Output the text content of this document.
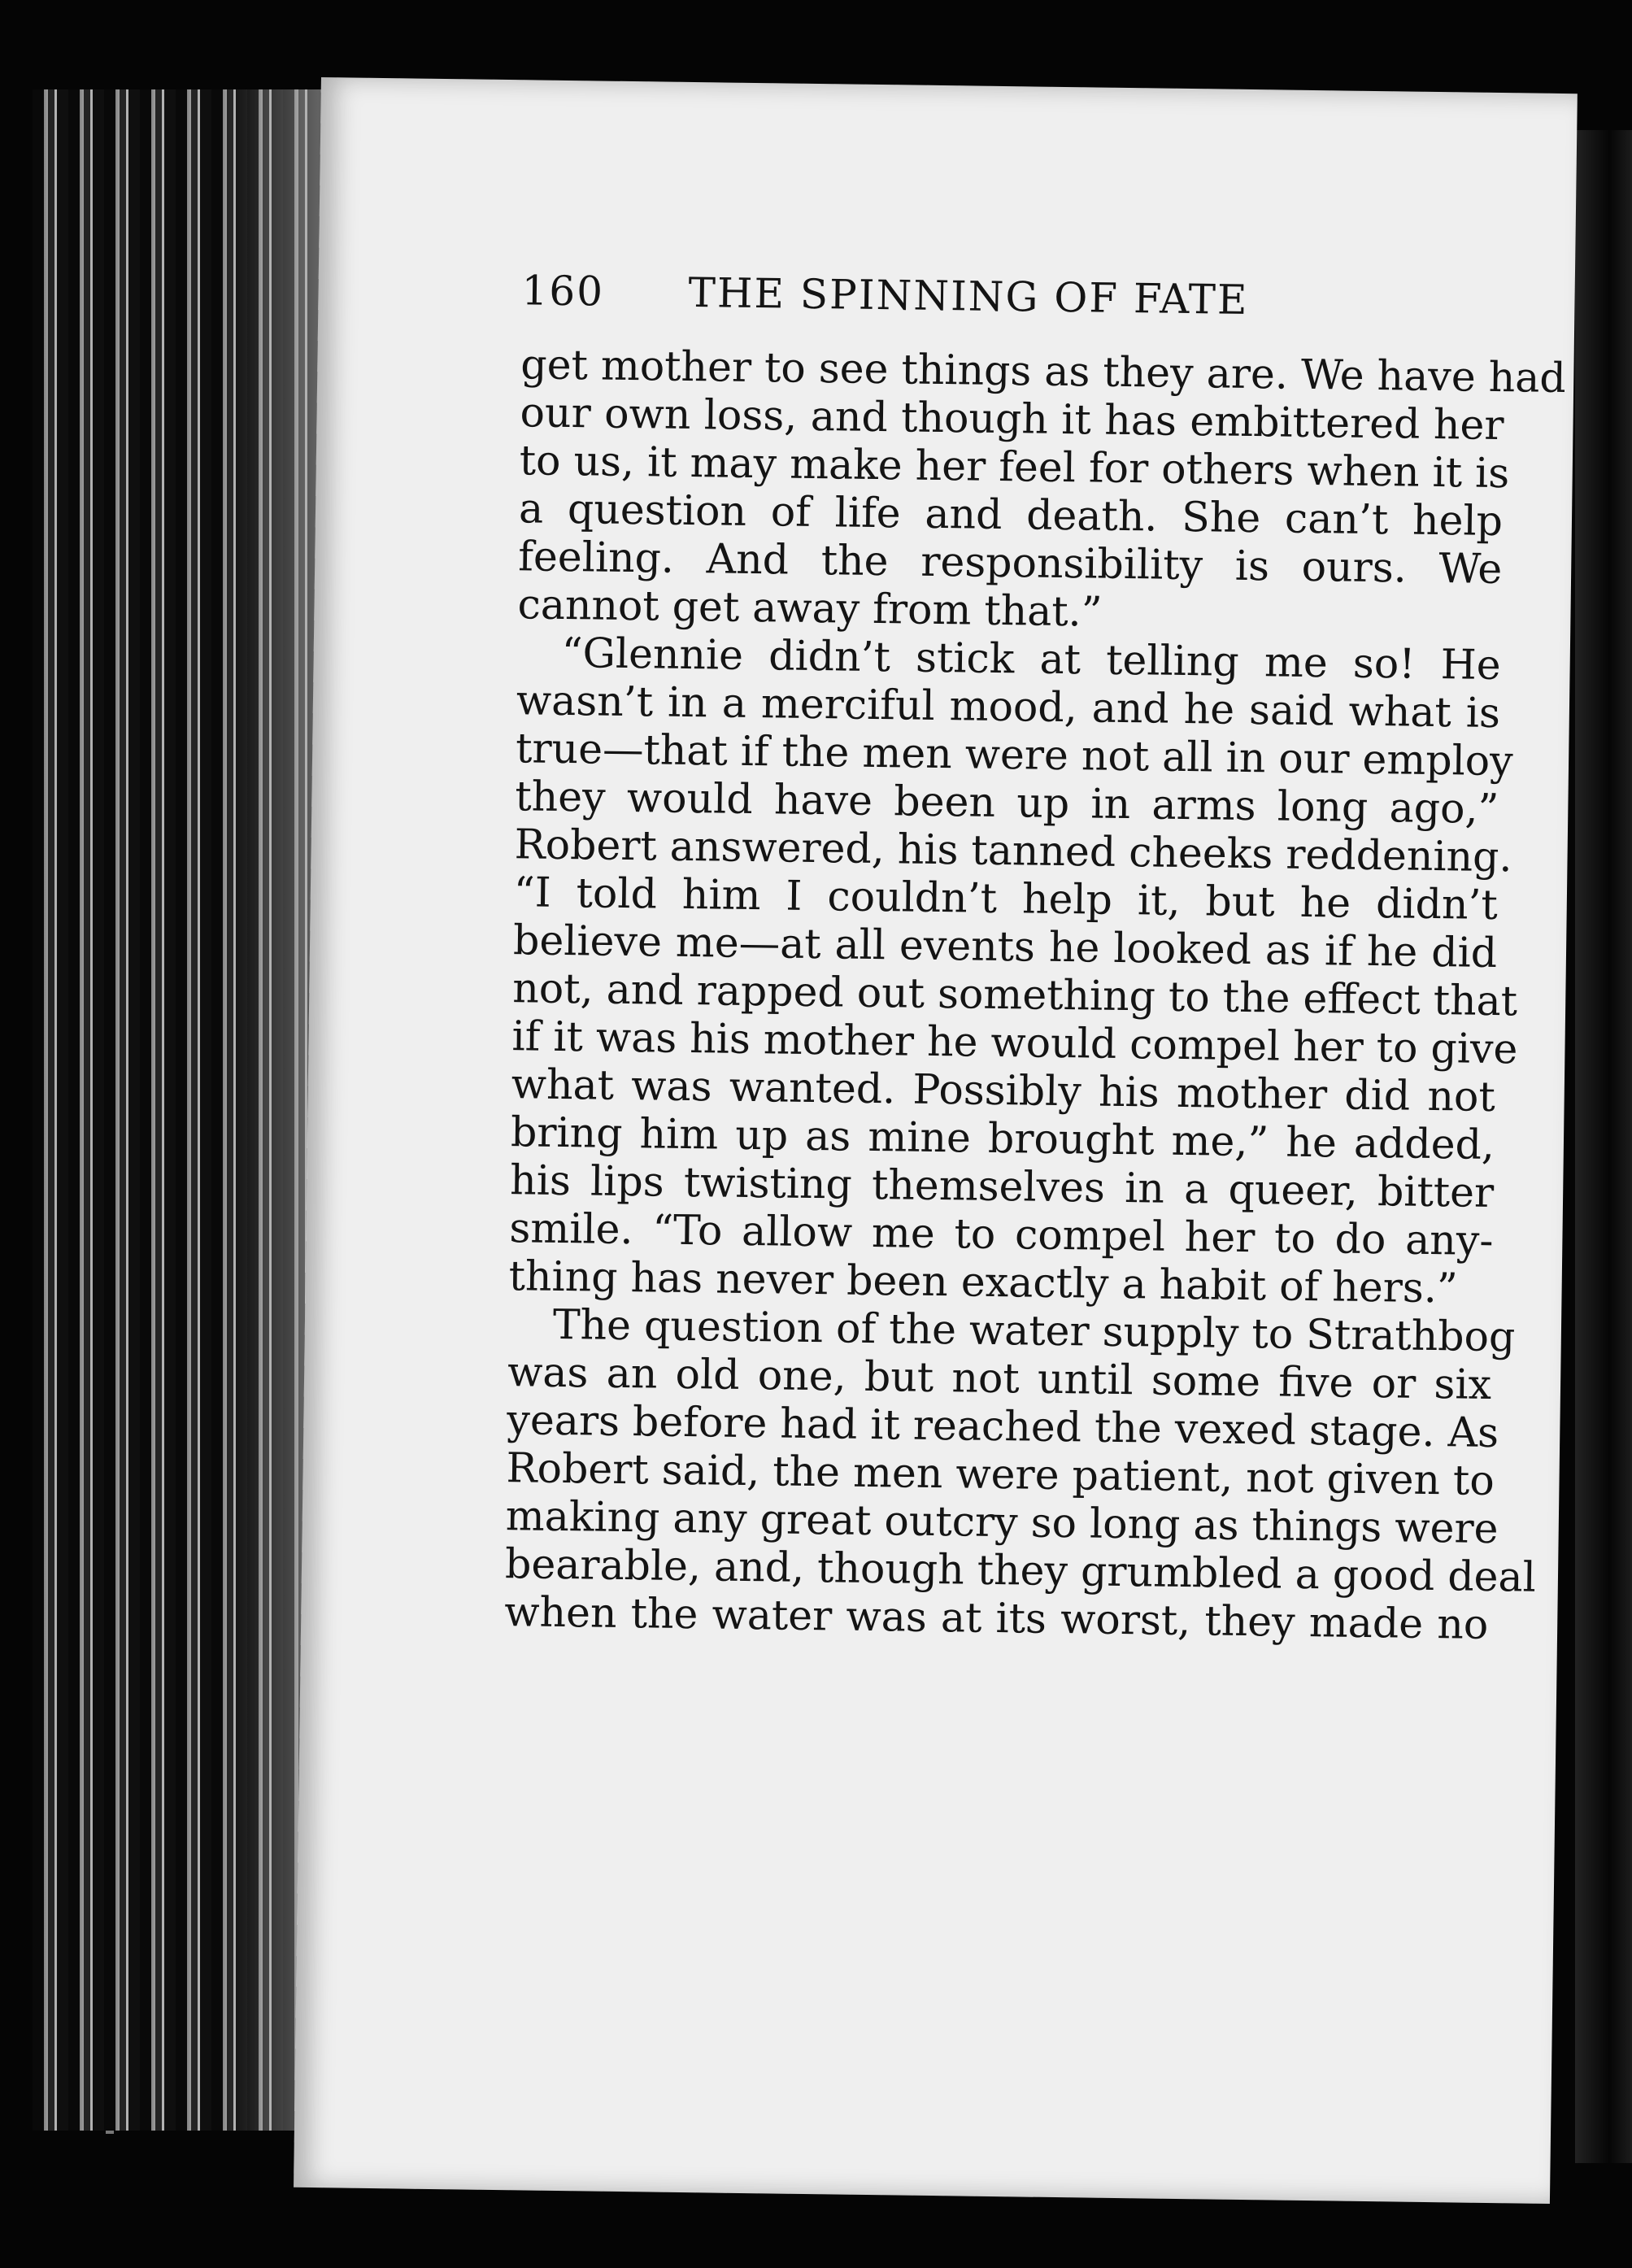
160 THE SPINNING OF FATE

get mother to see things as they are. We have had

our own loss, and though it has embittered her

to us, it may make her feel for others when it is

a question of life and death. She can’t help

feeling. And the responsibility is ours. We

cannot get away from that.”

“Glennie didn’t stick at telling me so! He

wasn’t in a merciful mood, and he said what is

true—that if the men were not all in our employ

they would have been up in arms long ago,”

Robert answered, his tanned cheeks reddening.

“I told him I couldn’t help it, but he didn’t

believe me—at all events he looked as if he did

not, and rapped out something to the effect that

if it was his mother he would compel her to give

what was wanted. Possibly his mother did not

bring him up as mine brought me,” he added,

his lips twisting themselves in a queer, bitter

smile. “To allow me to compel her to do any-

thing has never been exactly a habit of hers.”

The question of the water supply to Strathbog

was an old one, but not until some five or six

years before had it reached the vexed stage. As

Robert said, the men were patient, not given to

making any great outcry so long as things were

bearable, and, though they grumbled a good deal

when the water was at its worst, they made no
